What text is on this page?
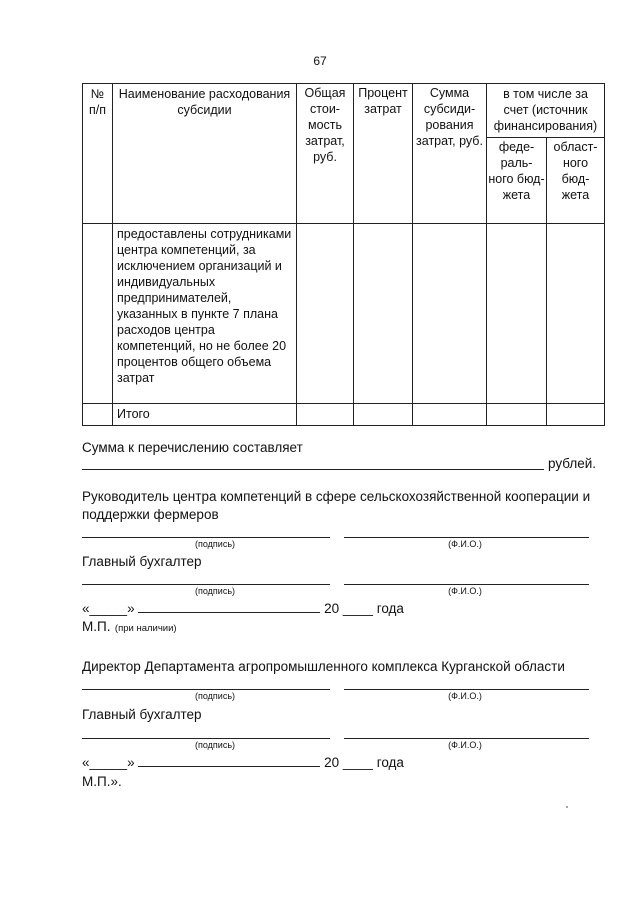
67
№ п/п	Наименование расходования субсидии	Общая стои- мость затрат, руб.	Процент затрат	Сумма субсиди- рования затрат, руб.	в том числе за счет (источник финансирования)	
					феде- раль- ного бюд- жета	област- ного бюд- жета
	предоставлены сотрудниками центра компетенций, за исключением организаций и индивидуальных предпринимателей, указанных в пункте 7 плана расходов центра компетенций, но не более 20 процентов общего объема затрат					
	Итого					
Сумма к перечислению составляет
рублей.
Руководитель центра компетенций в сфере сельскохозяйственной кооперации и поддержки фермеров
(подпись)	(Ф.И.О.)
Главный бухгалтер
(подпись)	(Ф.И.О.)
«_____»	20 ____ года
М.П. (при наличии)
Директор Департамента агропромышленного комплекса Курганской области
(подпись)	(Ф.И.О.)
Главный бухгалтер
(подпись)	(Ф.И.О.)
«_____»	20 ____ года
М.П.».
